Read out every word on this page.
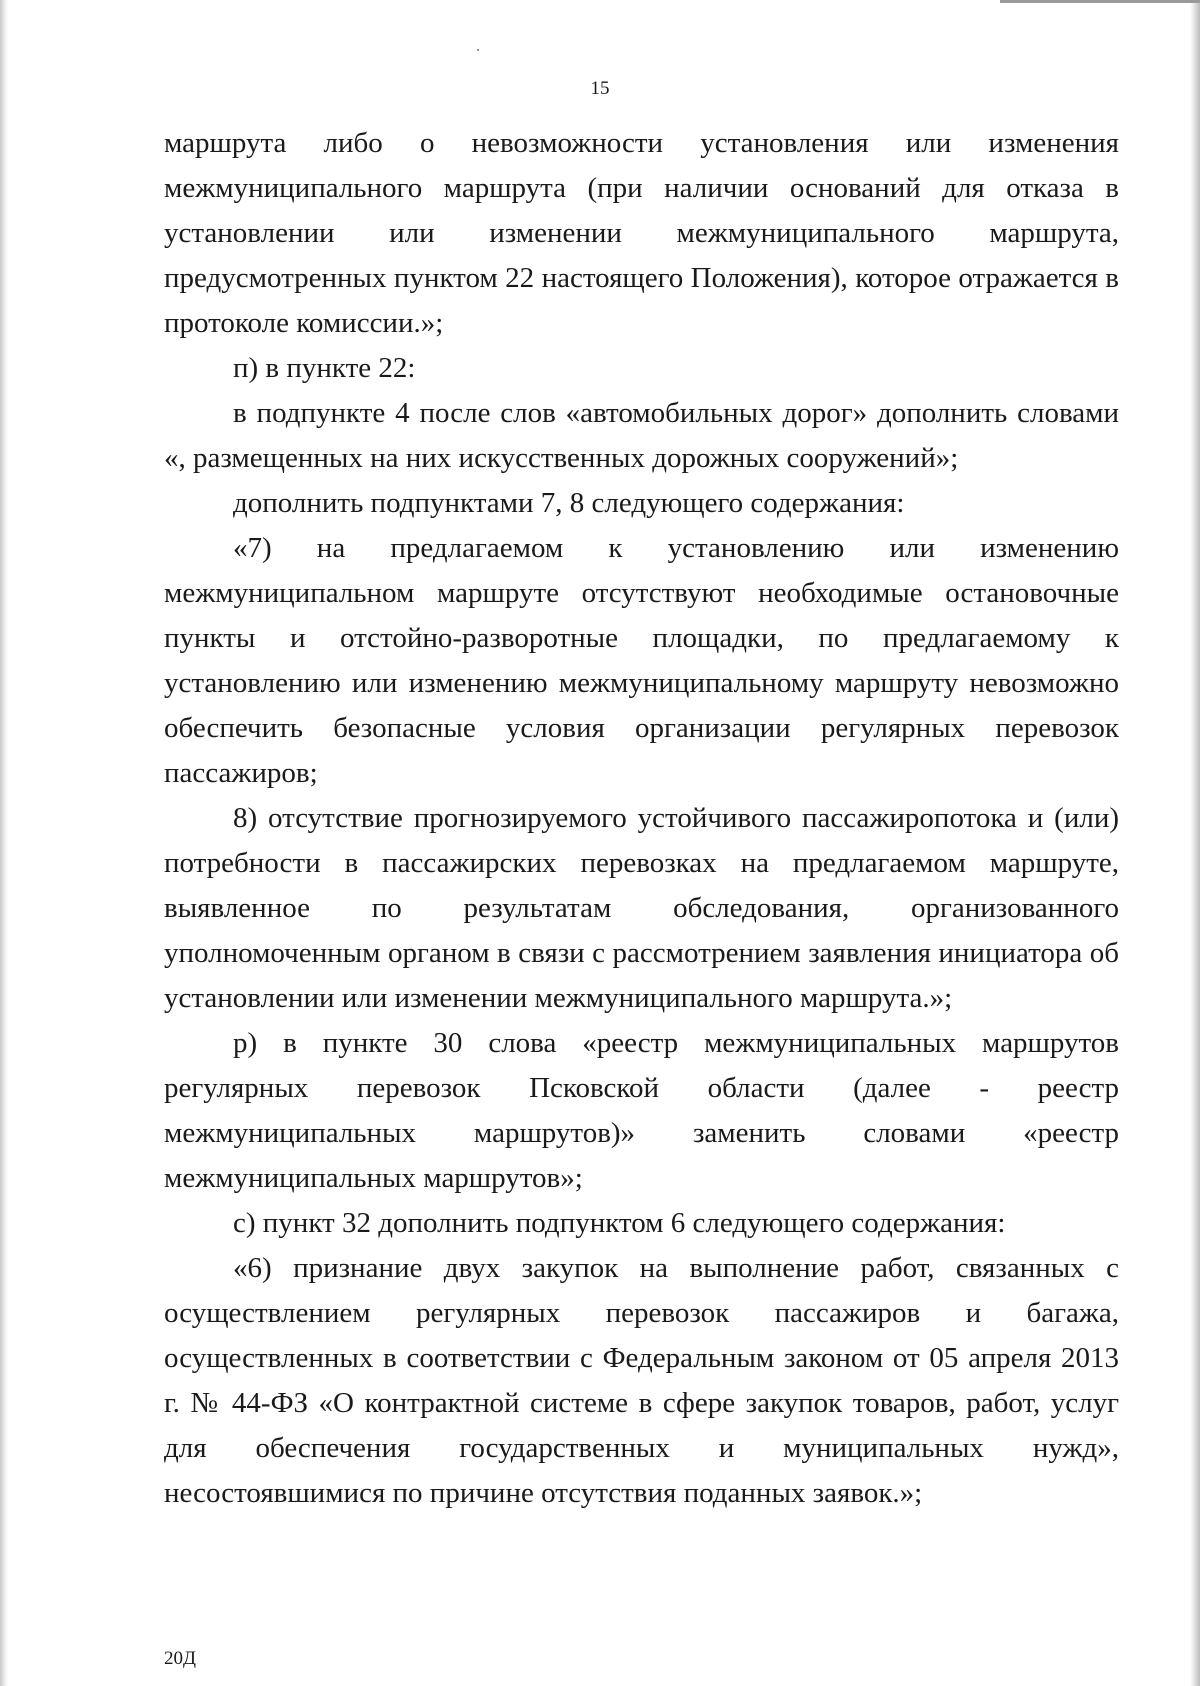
15

маршрута либо о невозможности установления или изменения межмуниципального маршрута (при наличии оснований для отказа в установлении или изменении межмуниципального маршрута, предусмотренных пунктом 22 настоящего Положения), которое отражается в протоколе комиссии.»;

п) в пункте 22:

в подпункте 4 после слов «автомобильных дорог» дополнить словами «, размещенных на них искусственных дорожных сооружений»;

дополнить подпунктами 7, 8 следующего содержания:

«7) на предлагаемом к установлению или изменению межмуниципальном маршруте отсутствуют необходимые остановочные пункты и отстойно-разворотные площадки, по предлагаемому к установлению или изменению межмуниципальному маршруту невозможно обеспечить безопасные условия организации регулярных перевозок пассажиров;

8) отсутствие прогнозируемого устойчивого пассажиропотока и (или) потребности в пассажирских перевозках на предлагаемом маршруте, выявленное по результатам обследования, организованного уполномоченным органом в связи с рассмотрением заявления инициатора об установлении или изменении межмуниципального маршрута.»;

р) в пункте 30 слова «реестр межмуниципальных маршрутов регулярных перевозок Псковской области (далее - реестр межмуниципальных маршрутов)» заменить словами «реестр межмуниципальных маршрутов»;

с) пункт 32 дополнить подпунктом 6 следующего содержания:

«6) признание двух закупок на выполнение работ, связанных с осуществлением регулярных перевозок пассажиров и багажа, осуществленных в соответствии с Федеральным законом от 05 апреля 2013 г. № 44-ФЗ «О контрактной системе в сфере закупок товаров, работ, услуг для обеспечения государственных и муниципальных нужд», несостоявшимися по причине отсутствия поданных заявок.»;

20Д
